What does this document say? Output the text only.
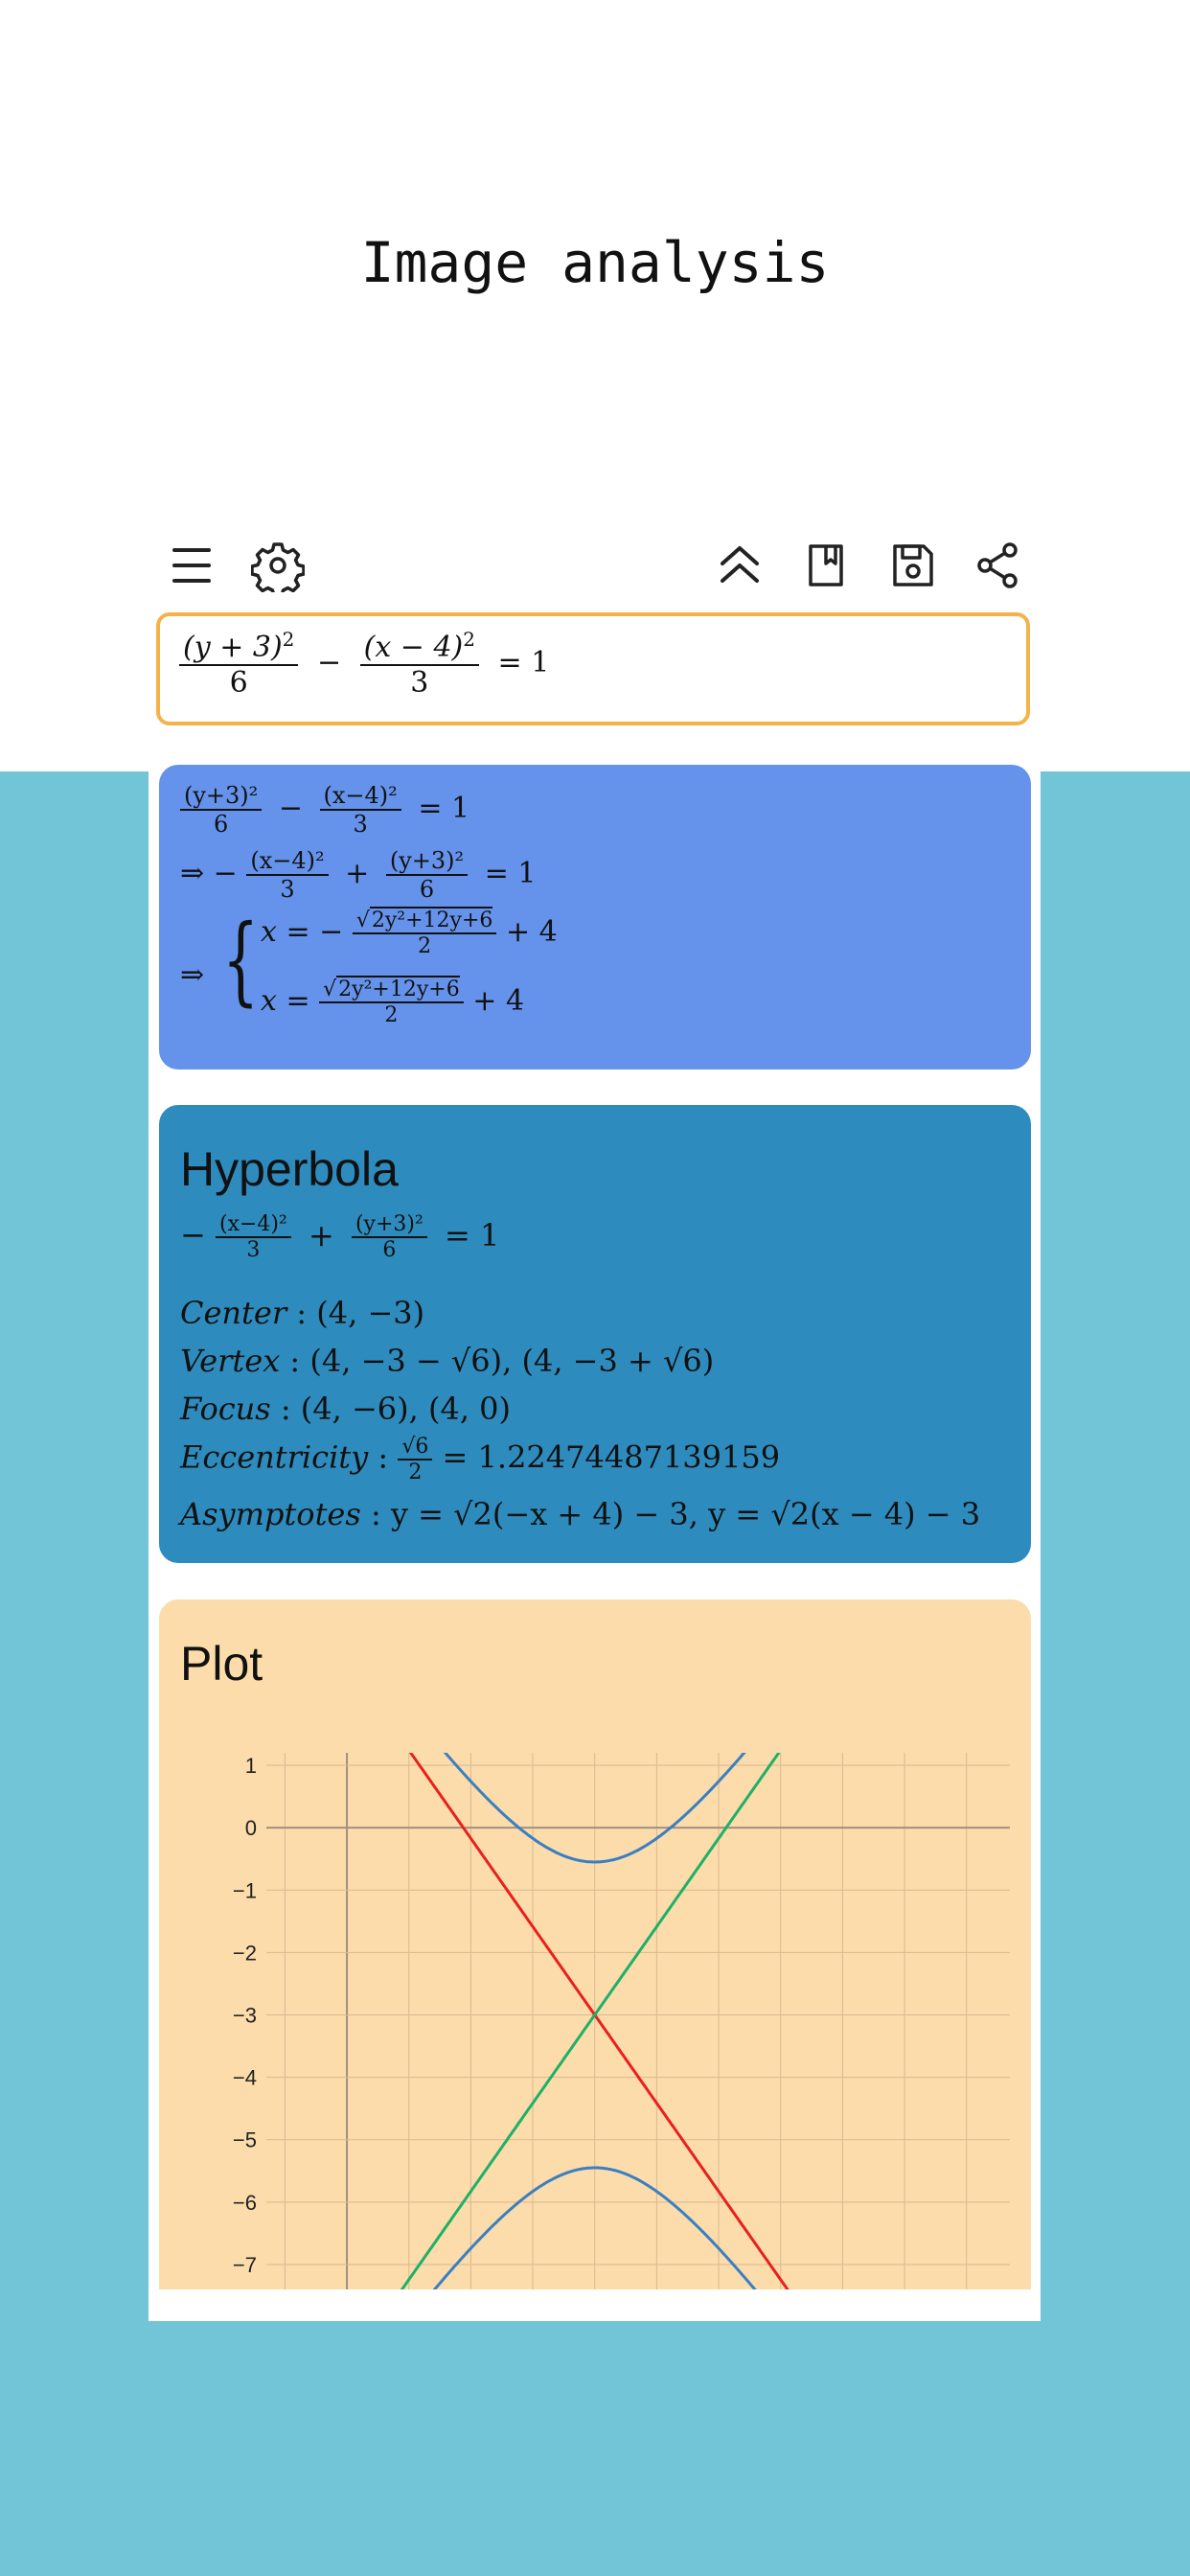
Image analysis
$\frac{(y + 3)^2}{6} - \frac{(x - 4)^2}{3} = 1$
$\frac{\text{(y+3)²}}{6} - \frac{\text{(x−4)²}}{3} = 1$
⇒ − $\frac{\text{(x−4)²}}{3} + \frac{\text{(y+3)²}}{6} = 1$
⇒ { x = − $\frac{\text{√2y²+12y+6}}{2} + 4$
$x = \frac{\text{√2y²+12y+6}}{2} + 4$
Hyperbola
− $\frac{\text{(x−4)²}}{3} + \frac{\text{(y+3)²}}{6} = 1$
Center : (4, −3)
Vertex : (4, −3 − √6), (4, −3 + √6)
Focus : (4, −6), (4, 0)
Eccentricity : $\frac{√6}{2} = 1.22474487139159$
Asymptotes : y = √2(−x + 4) − 3, y = √2(x − 4) − 3
Plot
1
0
−1
−2
−3
−4
−5
−6
−7
